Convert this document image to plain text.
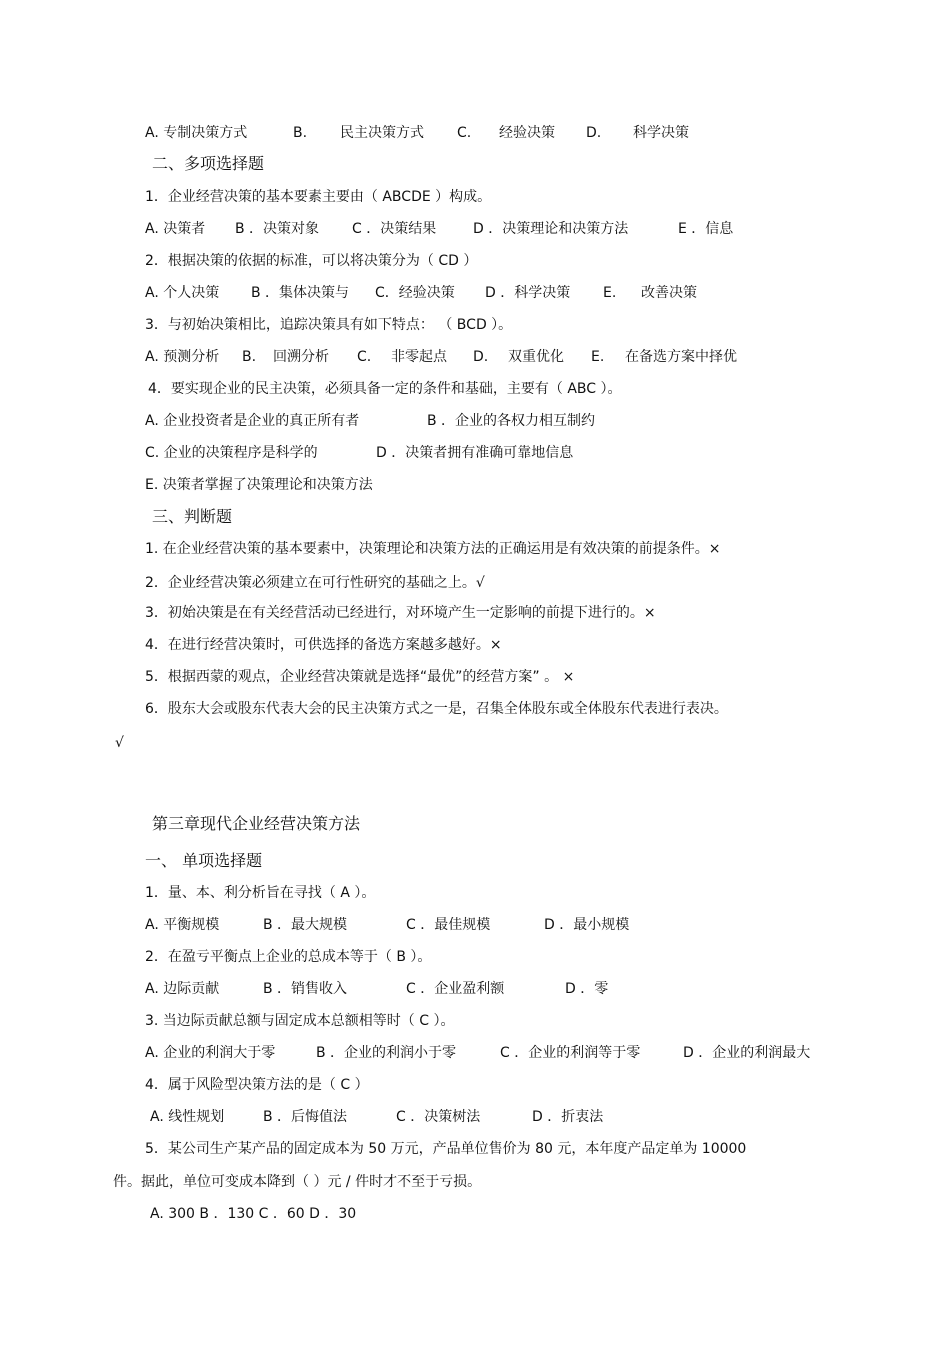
A. 专制决策方式	B. 民主决策方式 C. 经验决策 D. 科学决策
二、多项选择题
1．企业经营决策的基本要素主要由（ ABCDE ）构成。
A. 决策者 B ．决策对象 C ．决策结果	D ．决策理论和决策方法	E ．信息
2．根据决策的依据的标准，可以将决策分为（ CD ）
A. 个人决策 B ．集体决策与 C．经验决策 D ．科学决策 E. 改善决策
3．与初始决策相比，追踪决策具有如下特点： （ BCD ）。
A. 预测分析 B. 回溯分析 C. 非零起点 D. 双重优化 E. 在备选方案中择优
4．要实现企业的民主决策，必须具备一定的条件和基础，主要有（ ABC ）。
A. 企业投资者是企业的真正所有者	B ．企业的各权力相互制约
C. 企业的决策程序是科学的	D ．决策者拥有准确可靠地信息
E. 决策者掌握了决策理论和决策方法
三、判断题
1. 在企业经营决策的基本要素中，决策理论和决策方法的正确运用是有效决策的前提条件。×
2．企业经营决策必须建立在可行性研究的基础之上。√
3．初始决策是在有关经营活动已经进行，对环境产生一定影响的前提下进行的。×
4．在进行经营决策时，可供选择的备选方案越多越好。×
5．根据西蒙的观点，企业经营决策就是选择“最优”的经营方案” 。 ×
6．股东大会或股东代表大会的民主决策方式之一是，召集全体股东或全体股东代表进行表决。
√
第三章现代企业经营决策方法
一、 单项选择题
1．量、本、利分析旨在寻找（ A ）。
A. 平衡规模	B ．最大规模	C ．最佳规模	D ．最小规模
2．在盈亏平衡点上企业的总成本等于（ B ）。
A. 边际贡献	B ．销售收入	C ．企业盈利额	D ．零
3. 当边际贡献总额与固定成本总额相等时（ C ）。
A. 企业的利润大于零	B ．企业的利润小于零	C ．企业的利润等于零	D ．企业的利润最大
4．属于风险型决策方法的是（ C ）
A. 线性规划	B ．后悔值法	C ．决策树法	D ．折衷法
5．某公司生产某产品的固定成本为 50 万元，产品单位售价为 80 元，本年度产品定单为 10000
件。据此，单位可变成本降到（ ）元 / 件时才不至于亏损。
A. 300 B ．130 C ．60 D ．30
